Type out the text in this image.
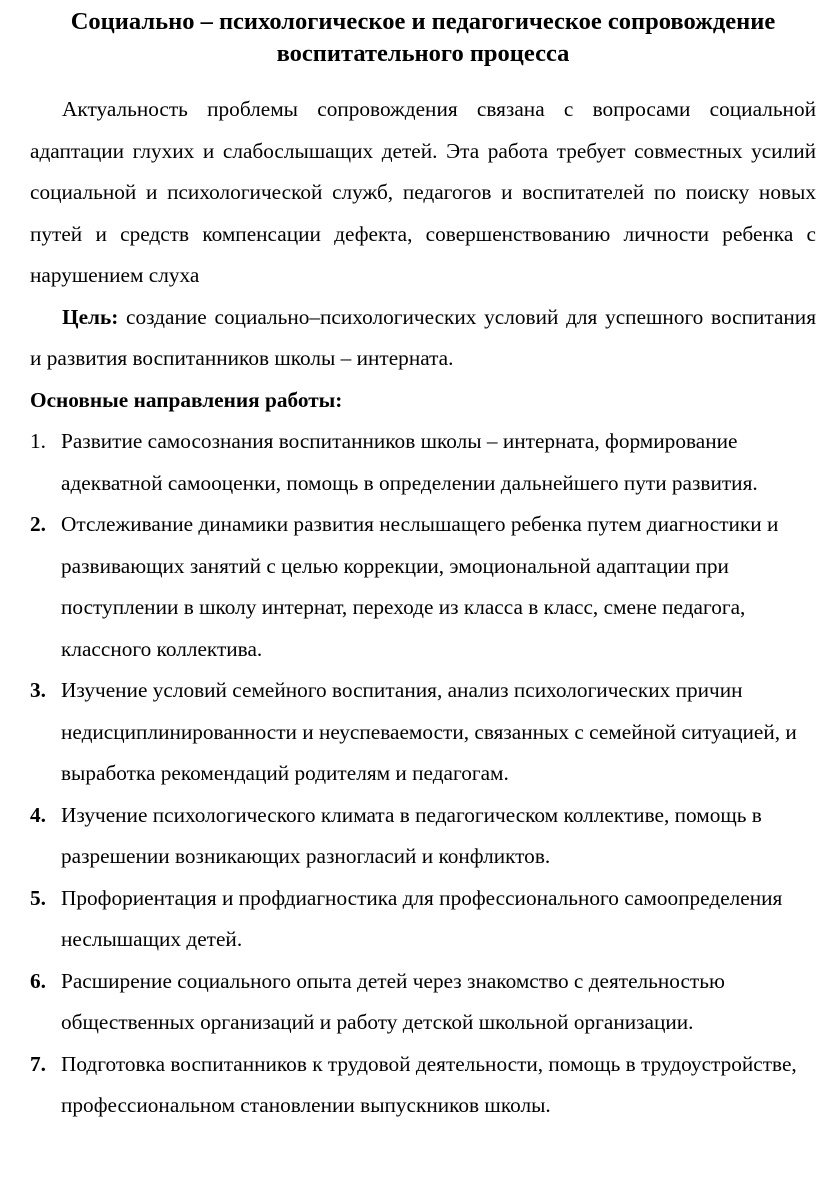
Социально – психологическое и педагогическое сопровождение воспитательного процесса

Актуальность проблемы сопровождения связана с вопросами социальной адаптации глухих и слабослышащих детей. Эта работа требует совместных усилий социальной и психологической служб, педагогов и воспитателей по поиску новых путей и средств компенсации дефекта, совершенствованию личности ребенка с нарушением слуха

Цель: создание социально–психологических условий для успешного воспитания и развития воспитанников школы – интерната.

Основные направления работы:

1. Развитие самосознания воспитанников школы – интерната, формирование адекватной самооценки, помощь в определении дальнейшего пути развития.
2. Отслеживание динамики развития неслышащего ребенка путем диагностики и развивающих занятий с целью коррекции, эмоциональной адаптации при поступлении в школу интернат, переходе из класса в класс, смене педагога, классного коллектива.
3. Изучение условий семейного воспитания, анализ психологических причин недисциплинированности и неуспеваемости, связанных с семейной ситуацией, и выработка рекомендаций родителям и педагогам.
4. Изучение психологического климата в педагогическом коллективе, помощь в разрешении возникающих разногласий и конфликтов.
5. Профориентация и профдиагностика для профессионального самоопределения неслышащих детей.
6. Расширение социального опыта детей через знакомство с деятельностью общественных организаций и работу детской школьной организации.
7. Подготовка воспитанников к трудовой деятельности, помощь в трудоустройстве, профессиональном становлении выпускников школы.
